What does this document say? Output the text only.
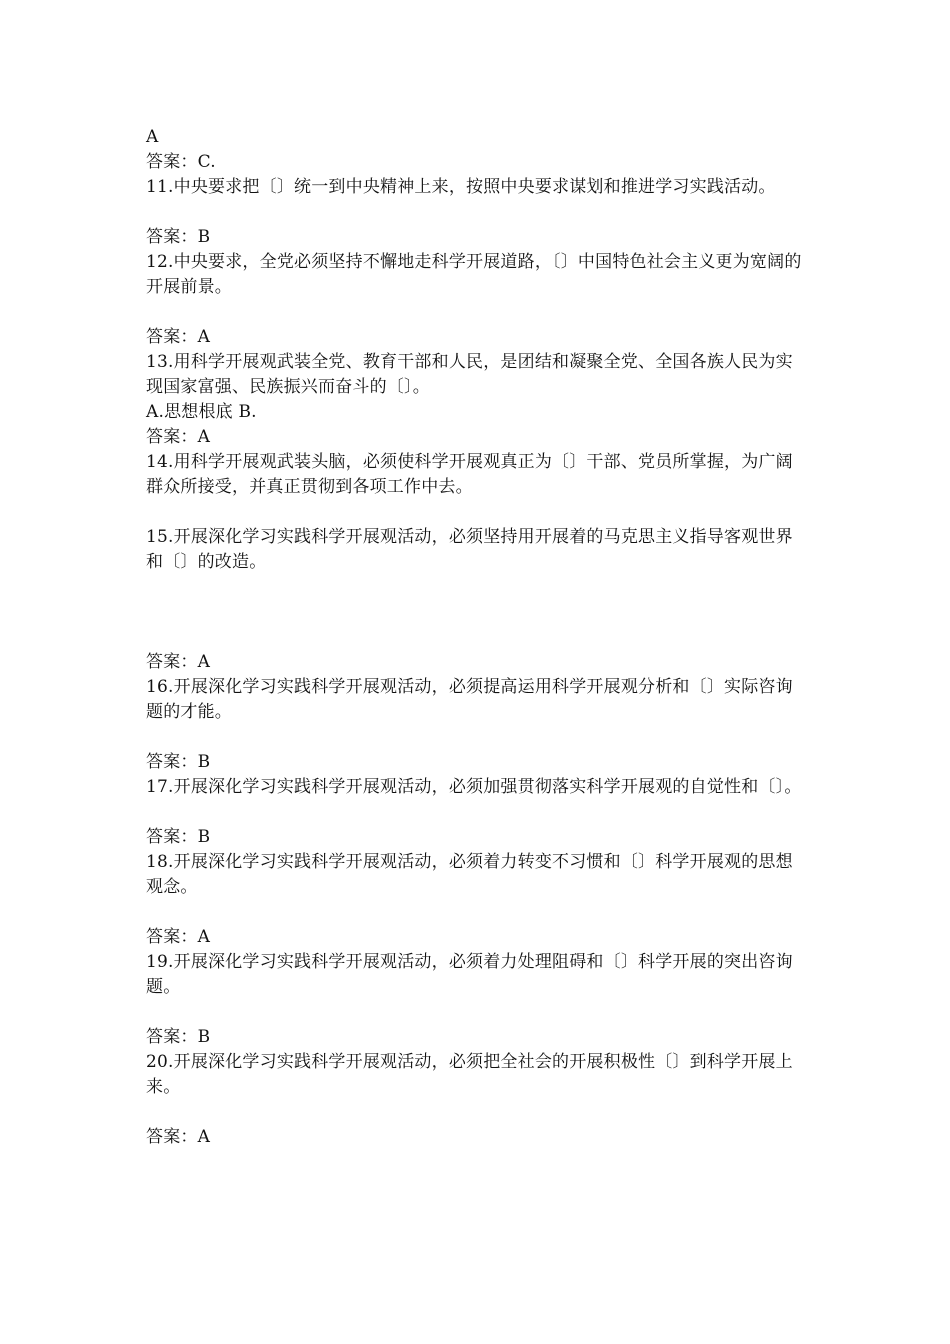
A
答案：C.
11.中央要求把〔〕统一到中央精神上来，按照中央要求谋划和推进学习实践活动。
答案：B
12.中央要求，全党必须坚持不懈地走科学开展道路，〔〕中国特色社会主义更为宽阔的开展前景。
答案：A
13.用科学开展观武装全党、教育干部和人民，是团结和凝聚全党、全国各族人民为实现国家富强、民族振兴而奋斗的〔〕。
A.思想根底 B.
答案：A
14.用科学开展观武装头脑，必须使科学开展观真正为〔〕干部、党员所掌握，为广阔群众所接受，并真正贯彻到各项工作中去。
15.开展深化学习实践科学开展观活动，必须坚持用开展着的马克思主义指导客观世界和〔〕的改造。
答案：A
16.开展深化学习实践科学开展观活动，必须提高运用科学开展观分析和〔〕实际咨询题的才能。
答案：B
17.开展深化学习实践科学开展观活动，必须加强贯彻落实科学开展观的自觉性和〔〕。
答案：B
18.开展深化学习实践科学开展观活动，必须着力转变不习惯和〔〕科学开展观的思想观念。
答案：A
19.开展深化学习实践科学开展观活动，必须着力处理阻碍和〔〕科学开展的突出咨询题。
答案：B
20.开展深化学习实践科学开展观活动，必须把全社会的开展积极性〔〕到科学开展上来。
答案：A
